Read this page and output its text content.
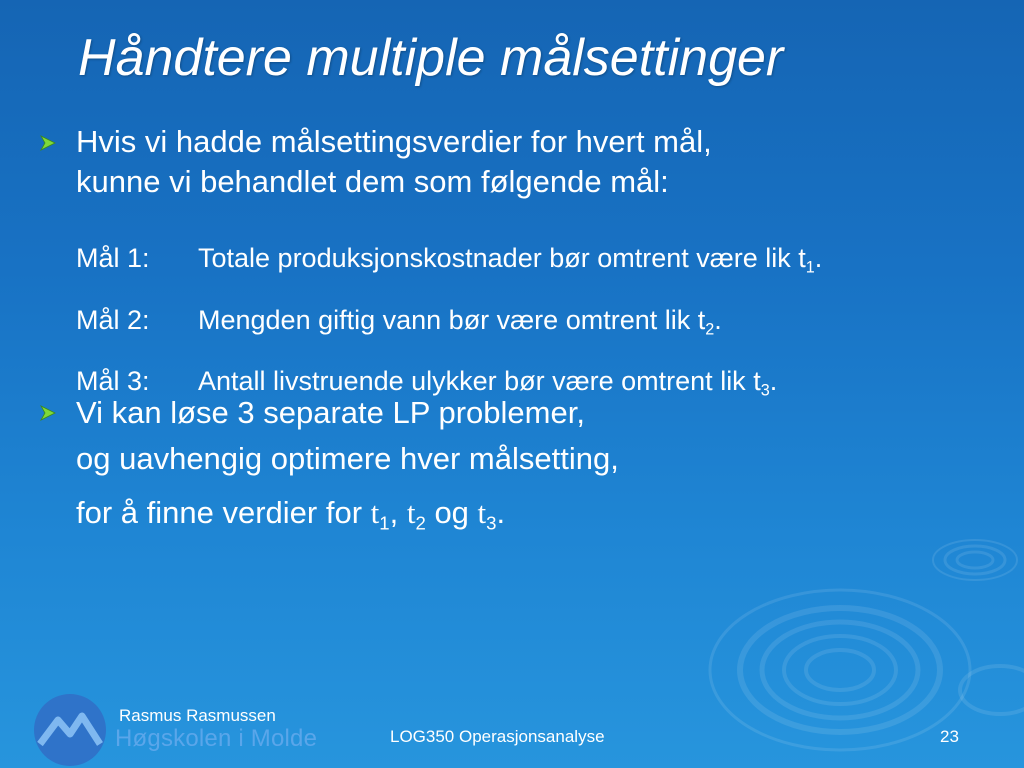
Håndtere multiple målsettinger
Hvis vi hadde målsettingsverdier for hvert mål,
kunne vi behandlet dem som følgende mål:
Mål 1:	Totale produksjonskostnader bør omtrent være lik $t_1$.
Mål 2:	Mengden giftig vann bør være omtrent lik $t_2$.
Mål 3:	Antall livstruende ulykker bør være omtrent lik $t_3$.
Vi kan løse 3 separate LP problemer,
og uavhengig optimere hver målsetting,
for å finne verdier for $t_1$, $t_2$ og $t_3$.
Høgskolen i Molde
Rasmus Rasmussen
LOG350 Operasjonsanalyse	23
